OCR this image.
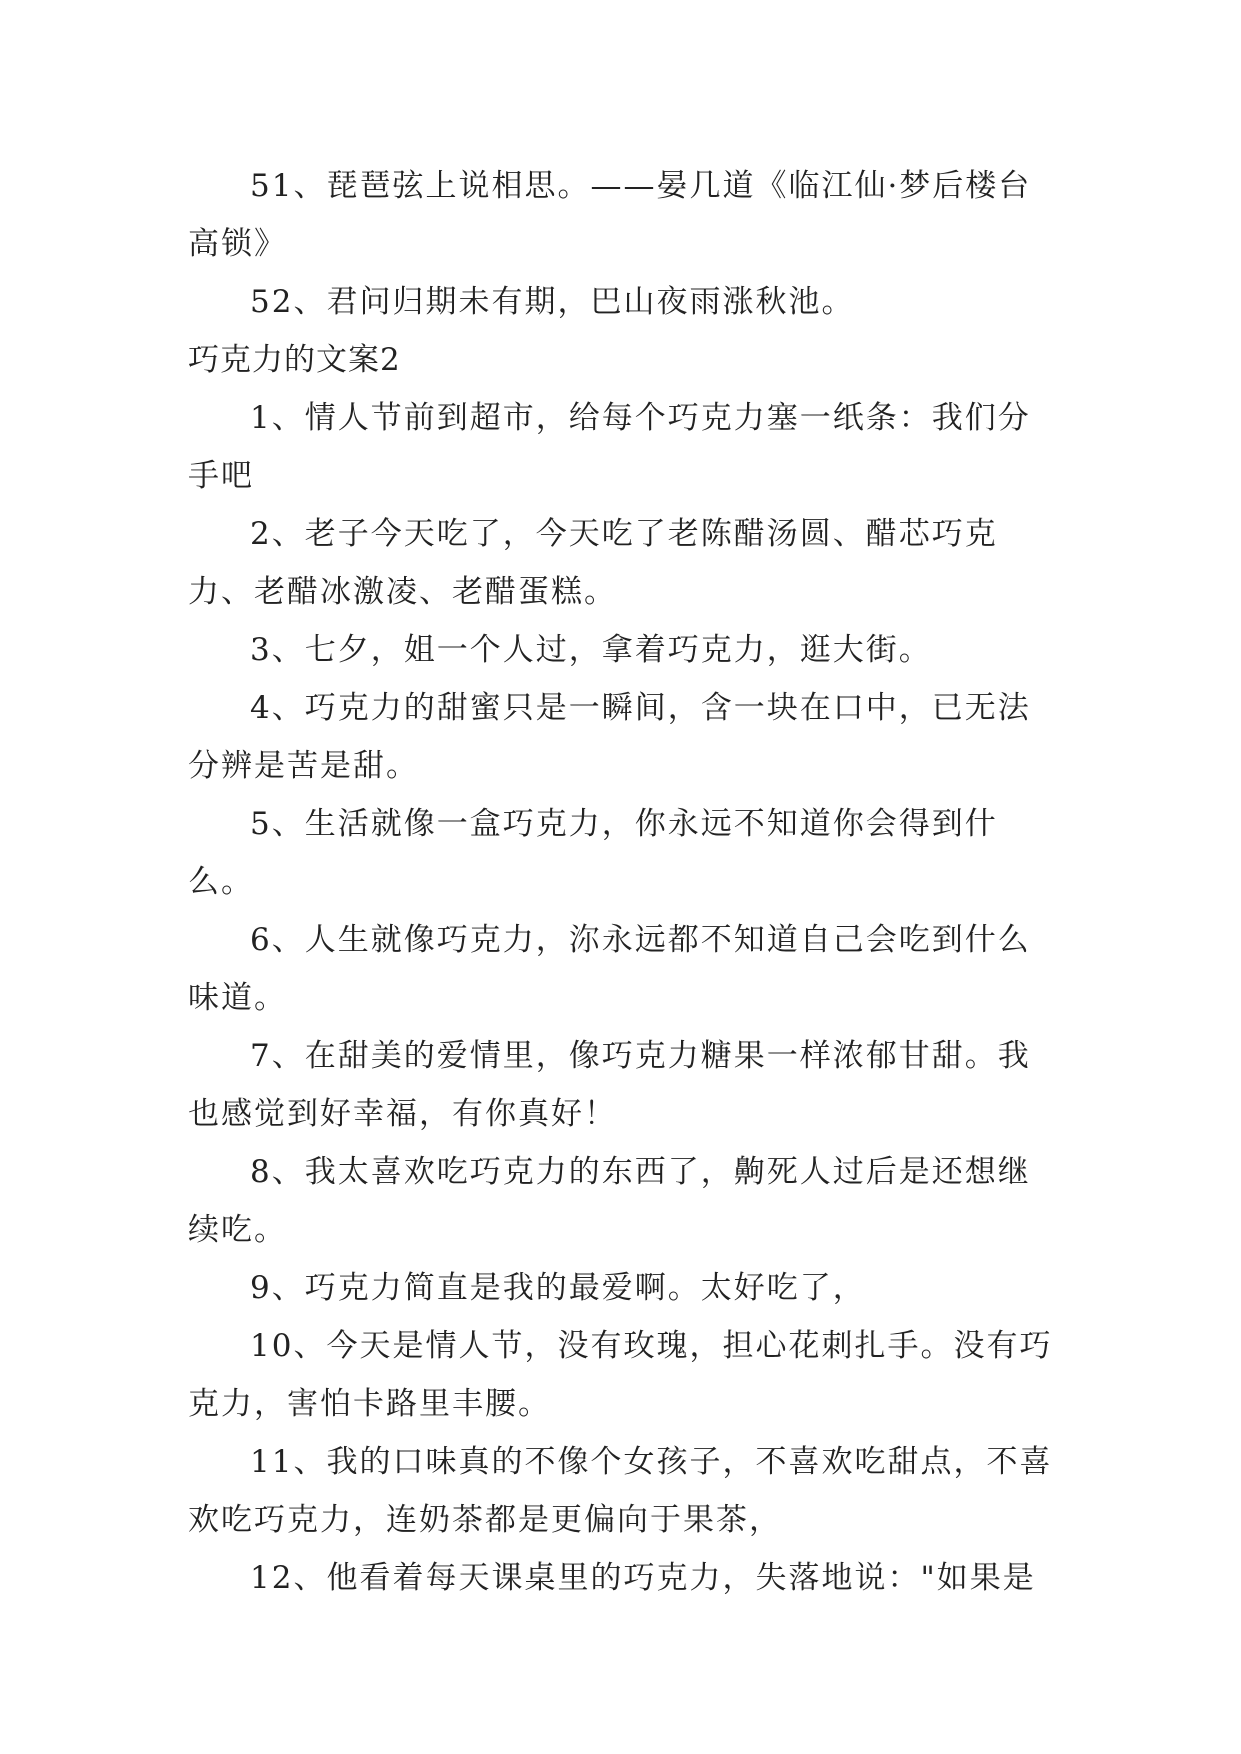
51、琵琶弦上说相思。——晏几道《临江仙·梦后楼台高锁》

52、君问归期未有期，巴山夜雨涨秋池。

巧克力的文案2

1、情人节前到超市，给每个巧克力塞一纸条：我们分手吧

2、老子今天吃了，今天吃了老陈醋汤圆、醋芯巧克力、老醋冰激凌、老醋蛋糕。

3、七夕，姐一个人过，拿着巧克力，逛大街。

4、巧克力的甜蜜只是一瞬间，含一块在口中，已无法分辨是苦是甜。

5、生活就像一盒巧克力，你永远不知道你会得到什么。

6、人生就像巧克力，沵永远都不知道自己会吃到什么味道。

7、在甜美的爱情里，像巧克力糖果一样浓郁甘甜。我也感觉到好幸福，有你真好！

8、我太喜欢吃巧克力的东西了，齁死人过后是还想继续吃。

9、巧克力简直是我的最爱啊。太好吃了，

10、今天是情人节，没有玫瑰，担心花刺扎手。没有巧克力，害怕卡路里丰腰。

11、我的口味真的不像个女孩子，不喜欢吃甜点，不喜欢吃巧克力，连奶茶都是更偏向于果茶，

12、他看着每天课桌里的巧克力，失落地说："如果是
